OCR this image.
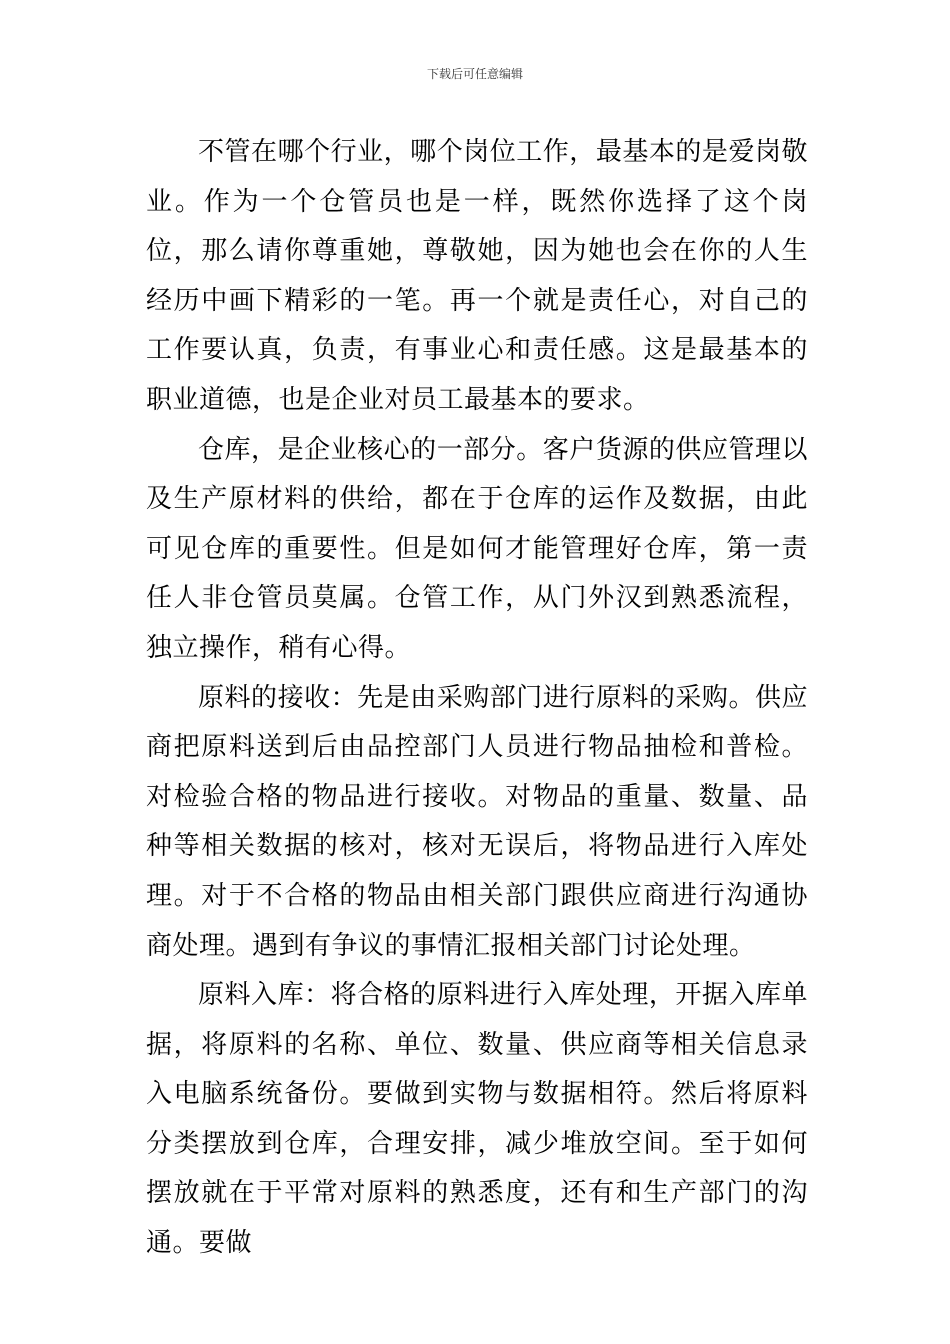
下载后可任意编辑

不管在哪个行业，哪个岗位工作，最基本的是爱岗敬业。作为一个仓管员也是一样，既然你选择了这个岗位，那么请你尊重她，尊敬她，因为她也会在你的人生经历中画下精彩的一笔。再一个就是责任心，对自己的工作要认真，负责，有事业心和责任感。这是最基本的职业道德，也是企业对员工最基本的要求。

仓库，是企业核心的一部分。客户货源的供应管理以及生产原材料的供给，都在于仓库的运作及数据，由此可见仓库的重要性。但是如何才能管理好仓库，第一责任人非仓管员莫属。仓管工作，从门外汉到熟悉流程，独立操作，稍有心得。

原料的接收：先是由采购部门进行原料的采购。供应商把原料送到后由品控部门人员进行物品抽检和普检。对检验合格的物品进行接收。对物品的重量、数量、品种等相关数据的核对，核对无误后，将物品进行入库处理。对于不合格的物品由相关部门跟供应商进行沟通协商处理。遇到有争议的事情汇报相关部门讨论处理。

原料入库：将合格的原料进行入库处理，开据入库单据，将原料的名称、单位、数量、供应商等相关信息录入电脑系统备份。要做到实物与数据相符。然后将原料分类摆放到仓库，合理安排，减少堆放空间。至于如何摆放就在于平常对原料的熟悉度，还有和生产部门的沟通。要做
